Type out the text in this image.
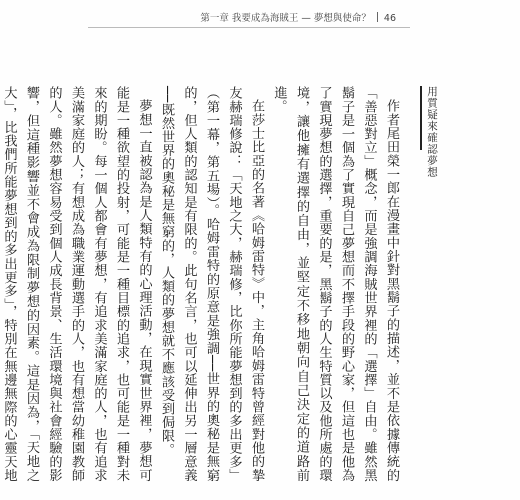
第一章 我要成為海賊王 — 夢想與使命？ 46

作者尾田榮一郎在漫畫中針對黑鬍子的描述，並不是依據傳統的「善惡對立」概念，而是強調海賊世界裡的「選擇」自由。雖然黑鬍子是一個為了實現自己夢想而不擇手段的野心家，但這也是他為了實現夢想的選擇，重要的是，黑鬍子的人生特質以及他所處的環境，讓他擁有選擇的自由，並堅定不移地朝向自己決定的道路前進。

在莎士比亞的名著《哈姆雷特》中，主角哈姆雷特曾經對他的摯友赫瑞修說：「天地之大，赫瑞修，比你所能夢想到的多出更多」（第一幕，第五場）。哈姆雷特的原意是強調──世界的奧秘是無窮的，但人類的認知是有限的。此句名言，也可以延伸出另一層意義──既然世界的奧秘是無窮的，人類的夢想就不應該受到侷限。

夢想一直被認為是人類特有的心理活動，在現實世界裡，夢想可能是一種欲望的投射，可能是一種目標的追求，也可能是一種對未來的期盼。每一個人都會有夢想，有追求美滿家庭的人，也有追求美滿家庭的人；有想成為職業運動選手的人，也有想當幼稚園教師的人。雖然夢想容易受到個人成長背景、生活環境與社會經驗的影響，但這種影響並不會成為限制夢想的因素。這是因為，「天地之大」，比我們所能夢想到的多出更多」，特別在無邊無際的心靈天地

用質疑來確認夢想
